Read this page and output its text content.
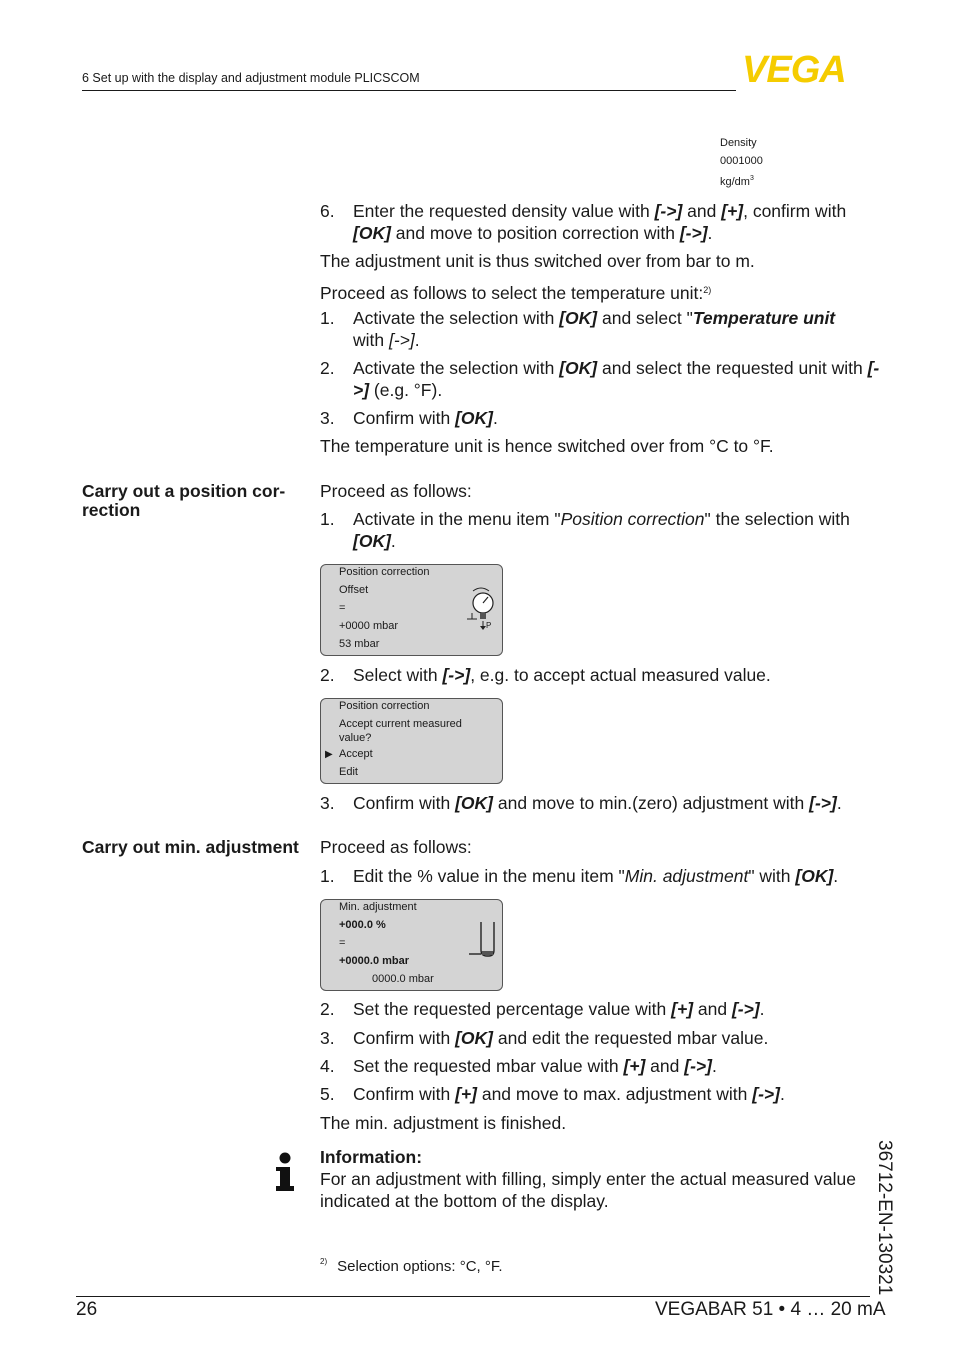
6 Set up with the display and adjustment module PLICSCOM	VEGA
Density
0001000
$kg/dm^3$
6. Enter the requested density value with [->] and [+], confirm with [OK] and move to position correction with [->].
The adjustment unit is thus switched over from bar to m.
Proceed as follows to select the temperature unit:$^{2)}$
1. Activate the selection with [OK] and select "Temperature unit
with [->].
2. Activate the selection with [OK] and select the requested unit with [->] (e.g. °F).
3. Confirm with [OK].
The temperature unit is hence switched over from °C to °F.
Carry out a position cor-
rection
Proceed as follows:
1. Activate in the menu item "Position correction" the selection with [OK].
Position correction
Offset
=
+0000 mbar
53 mbar
P
2. Select with [->], e.g. to accept actual measured value.
Position correction
Accept current measured
value?
▶ Accept
Edit
3. Confirm with [OK] and move to min.(zero) adjustment with [->].
Carry out min. adjustment	Proceed as follows:
1. Edit the % value in the menu item "Min. adjustment" with [OK].
Min. adjustment
+000.0 %
=
+0000.0 mbar
0000.0 mbar
2. Set the requested percentage value with [+] and [->].
3. Confirm with [OK] and edit the requested mbar value.
4. Set the requested mbar value with [+] and [->].
5. Confirm with [+] and move to max. adjustment with [->].
The min. adjustment is finished.
Information:
For an adjustment with filling, simply enter the actual measured value
indicated at the bottom of the display.
$^{2)}$ Selection options: °C, °F.	36712-EN-130321
26	VEGABAR 51 • 4 … 20 mA
